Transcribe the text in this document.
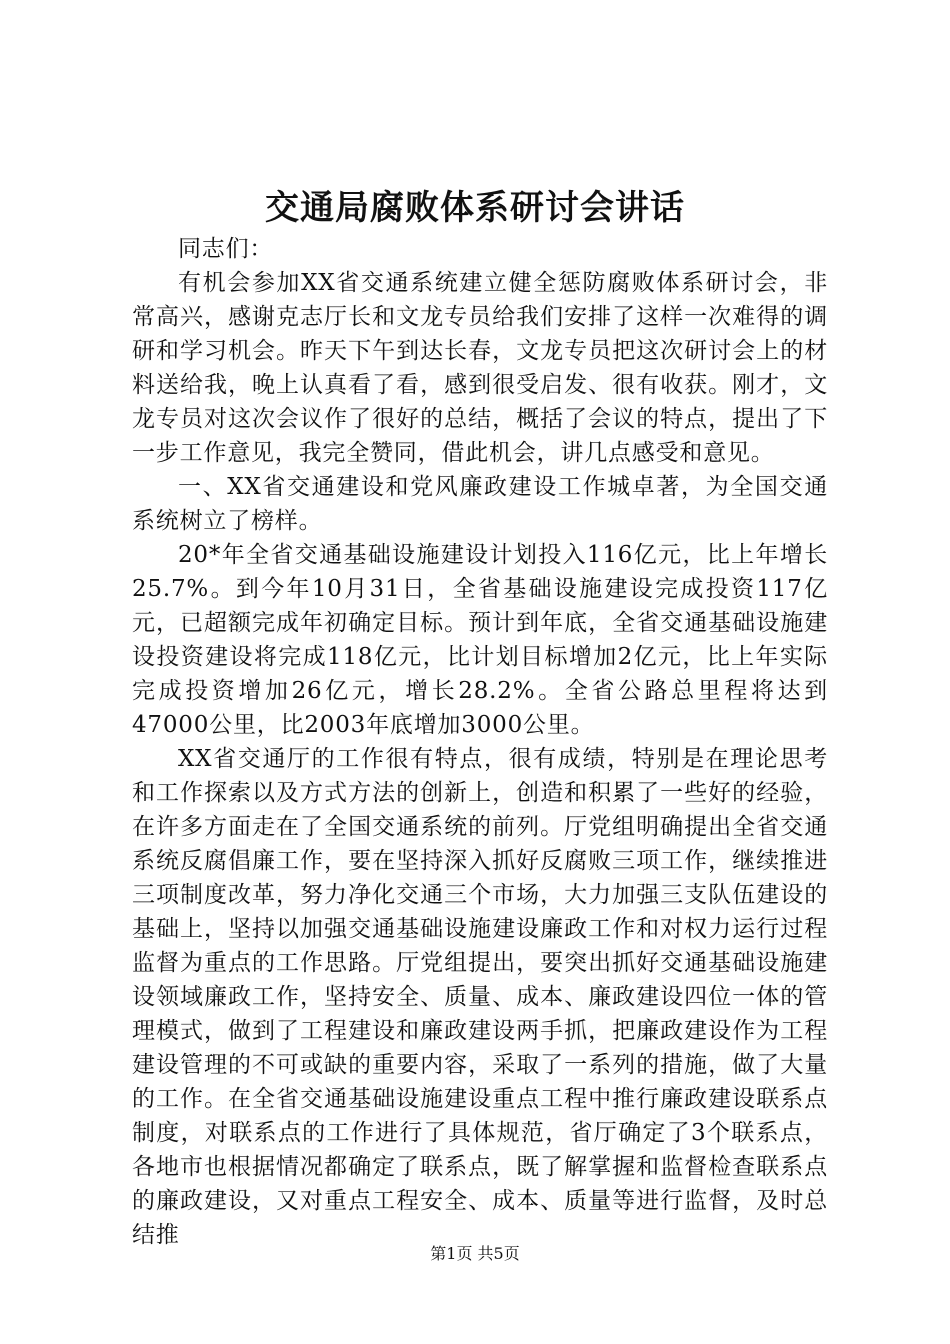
交通局腐败体系研讨会讲话

同志们：

有机会参加XX省交通系统建立健全惩防腐败体系研讨会，非常高兴，感谢克志厅长和文龙专员给我们安排了这样一次难得的调研和学习机会。昨天下午到达长春，文龙专员把这次研讨会上的材料送给我，晚上认真看了看，感到很受启发、很有收获。刚才，文龙专员对这次会议作了很好的总结，概括了会议的特点，提出了下一步工作意见，我完全赞同，借此机会，讲几点感受和意见。

一、XX省交通建设和党风廉政建设工作城卓著，为全国交通系统树立了榜样。

20*年全省交通基础设施建设计划投入116亿元，比上年增长25.7%。到今年10月31日，全省基础设施建设完成投资117亿元，已超额完成年初确定目标。预计到年底，全省交通基础设施建设投资建设将完成118亿元，比计划目标增加2亿元，比上年实际完成投资增加26亿元，增长28.2%。全省公路总里程将达到47000公里，比2003年底增加3000公里。

XX省交通厅的工作很有特点，很有成绩，特别是在理论思考和工作探索以及方式方法的创新上，创造和积累了一些好的经验，在许多方面走在了全国交通系统的前列。厅党组明确提出全省交通系统反腐倡廉工作，要在坚持深入抓好反腐败三项工作，继续推进三项制度改革，努力净化交通三个市场，大力加强三支队伍建设的基础上，坚持以加强交通基础设施建设廉政工作和对权力运行过程监督为重点的工作思路。厅党组提出，要突出抓好交通基础设施建设领域廉政工作，坚持安全、质量、成本、廉政建设四位一体的管理模式，做到了工程建设和廉政建设两手抓，把廉政建设作为工程建设管理的不可或缺的重要内容，采取了一系列的措施，做了大量的工作。在全省交通基础设施建设重点工程中推行廉政建设联系点制度，对联系点的工作进行了具体规范，省厅确定了3个联系点，各地市也根据情况都确定了联系点，既了解掌握和监督检查联系点的廉政建设，又对重点工程安全、成本、质量等进行监督，及时总结推

第1页 共5页
